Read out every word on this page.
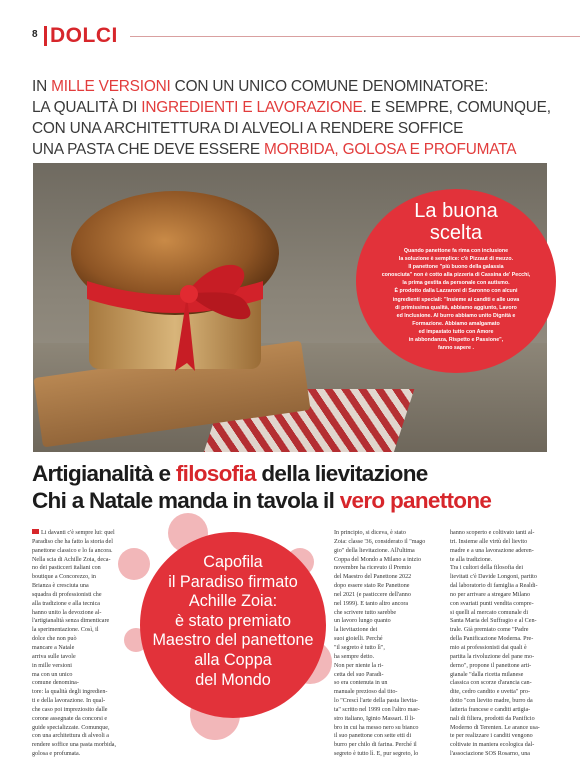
8 DOLCI
IN MILLE VERSIONI CON UN UNICO COMUNE DENOMINATORE:
LA QUALITÀ DI INGREDIENTI E LAVORAZIONE. E SEMPRE, COMUNQUE,
CON UNA ARCHITETTURA DI ALVEOLI A RENDERE SOFFICE
UNA PASTA CHE DEVE ESSERE MORBIDA, GOLOSA E PROFUMATA
La buona
scelta
Quando panettone fa rima con inclusione
la soluzione è semplice: c'è Pizzaut di mezzo.
Il panettone "più buono della galassia
conosciuta" non è cotto alla pizzeria di Cassina de' Pecchi,
la prima gestita da personale con autismo.
È prodotto dalla Lazzaroni di Saronno con alcuni
ingredienti speciali: "Insieme ai canditi e alle uova
di primissima qualità, abbiamo aggiunto, Lavoro
ed Inclusione. Al burro abbiamo unito Dignità e
Formazione. Abbiamo amalgamato
ed impastato tutto con Amore
in abbondanza, Rispetto e Passione",
fanno sapere .
Artigianalità e filosofia della lievitazione
Chi a Natale manda in tavola il vero panettone
Li davanti c'è sempre lui: quel
Paradiso che ha fatto la storia del
panettone classico e lo fa ancora.
Nella scia di Achille Zoia, deca-
no dei pasticceri italiani con
boutique a Concorezzo, in
Brianza è cresciuta una
squadra di professionisti che
alla tradizione e alla tecnica
hanno unito la devozione al-
l'artigianalità senza dimenticare
la sperimentazione. Così, il
dolce che non può
mancare a Natale
arriva sulle tavole
in mille versioni
ma con un unico
comune denomina-
tore: la qualità degli ingredien-
ti e della lavorazione. In qual-
che caso poi impreziosito dalle
corone assegnate da concorsi e
guide specializzate. Comunque,
con una architettura di alveoli a
rendere soffice una pasta morbida,
golosa e profumata.
Capofila
il Paradiso firmato
Achille Zoia:
è stato premiato
Maestro del panettone
alla Coppa
del Mondo
In principio, si diceva, è stato
Zoia: classe '36, considerato il "mago
gio" della lievitazione. All'ultima
Coppa del Mondo a Milano a inizio
novembre ha ricevuto il Premio
del Maestro del Panettone 2022
dopo essere stato Re Panettone
nel 2021 (e pasticcere dell'anno
nel 1999). E tanto altro ancora
che scrivere tutto sarebbe
un lavoro lungo quanto
la lievitazione dei
suoi gioielli. Perché
"il segreto è tutto lì",
ha sempre detto.
Non per niente la ri-
cetta del suo Paradi-
so era contenuta in un
manuale prezioso dal tito-
lo "Crescì l'arte della pasta lievita-
ta" scritto nel 1999 con l'altro mae-
stro italiano, Iginio Massari. Il li-
bro in cui ha messo nero su bianco
il suo panettone con sette etti di
burro per chilo di farina. Perché il
segreto è tutto lì. E, pur segreto, lo
hanno scoperto e coltivato tanti al-
tri. Insieme alle virtù del lievito
madre e a una lavorazione aderen-
te alla tradizione.
Tra i cultori della filosofia dei
lievitati c'è Davide Longoni, partito
dal laboratorio di famiglia a Realdi-
no per arrivare a stregare Milano
con svariati punti vendita compre-
si quelli al mercato comunale di
Santa Maria del Suffragio e al Cen-
trale. Già premiato come "Padre
della Panificazione Moderna. Pre-
mio ai professionisti dai quali è
partita la rivoluzione del pane mo-
derno", propone il panettone arti-
gianale "dalla ricetta milanese
classica con scorze d'arancia can-
dite, cedro candito e uvetta" pro-
dotto "con lievito madre, burro da
latteria francese e canditi artigia-
nali di filiera, prodotti da Panificio
Moderno di Terenten. Le arance usa-
te per realizzare i canditi vengono
coltivate in maniera ecologica dal-
l'associazione SOS Rosarno, una
